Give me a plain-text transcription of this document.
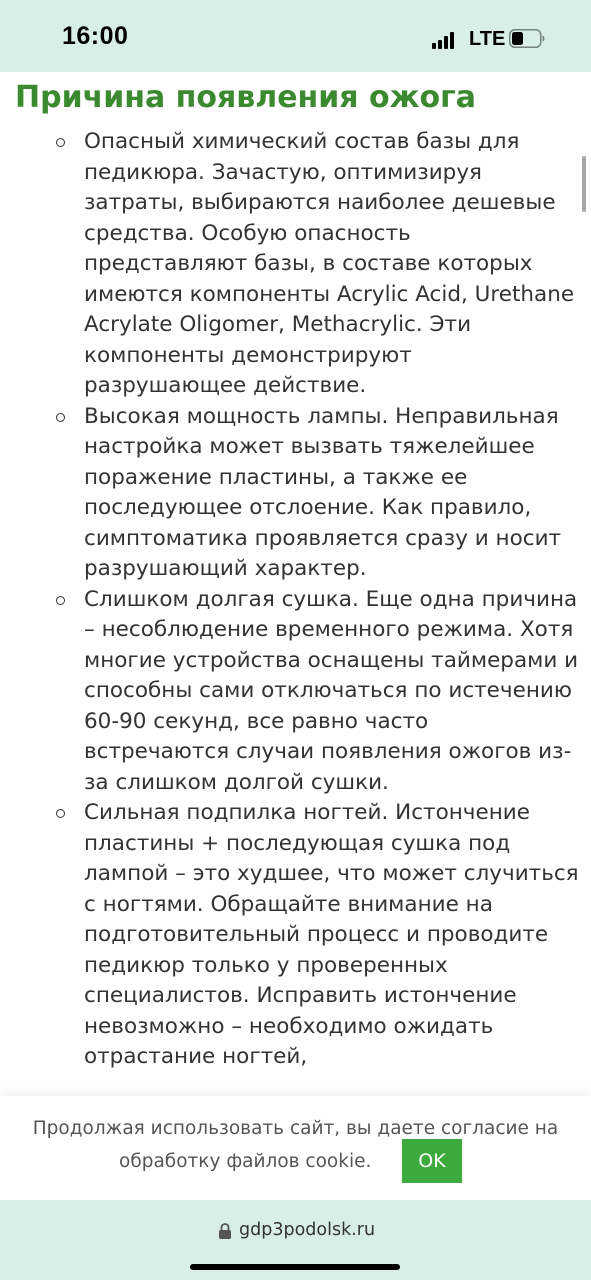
16:00	LTE
Причина появления ожога
Опасный химический состав базы для педикюра. Зачастую, оптимизируя затраты, выбираются наиболее дешевые средства. Особую опасность представляют базы, в составе которых имеются компоненты Acrylic Acid, Urethane Acrylate Oligomer, Methacrylic. Эти компоненты демонстрируют разрушающее действие.
Высокая мощность лампы. Неправильная настройка может вызвать тяжелейшее поражение пластины, а также ее последующее отслоение. Как правило, симптоматика проявляется сразу и носит разрушающий характер.
Слишком долгая сушка. Еще одна причина – несоблюдение временного режима. Хотя многие устройства оснащены таймерами и способны сами отключаться по истечению 60-90 секунд, все равно часто встречаются случаи появления ожогов из-за слишком долгой сушки.
Сильная подпилка ногтей. Истончение пластины + последующая сушка под лампой – это худшее, что может случиться с ногтями. Обращайте внимание на подготовительный процесс и проводите педикюр только у проверенных специалистов. Исправить истончение невозможно – необходимо ожидать отрастание ногтей,
Продолжая использовать сайт, вы даете согласие на
обработку файлов cookie.	OK
gdp3podolsk.ru
